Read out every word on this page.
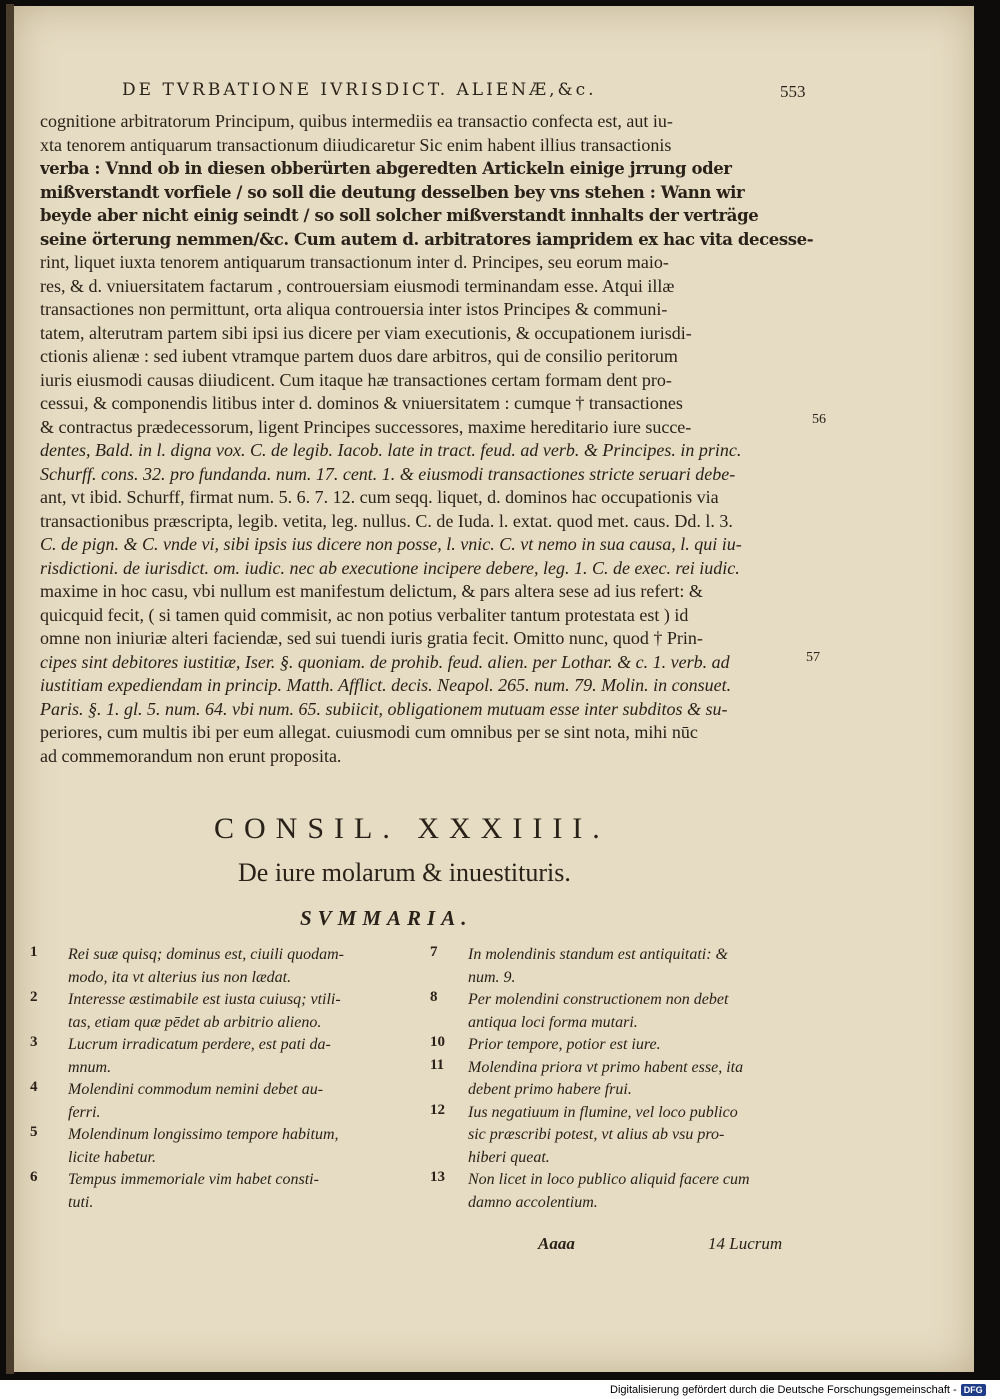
DE TVRBATIONE IVRISDICT. ALIENÆ,&c.	553
cognitione arbitratorum Principum, quibus intermediis ea transactio confecta est, aut iu-
xta tenorem antiquarum transactionum diiudicaretur Sic enim habent illius transactionis
verba : Vnnd ob in diesen obberürten abgeredten Artickeln einige jrrung oder
mißverstandt vorfiele / so soll die deutung desselben bey vns stehen : Wann wir
beyde aber nicht einig seindt / so soll solcher mißverstandt innhalts der verträge
seine örterung nemmen/&c. Cum autem d. arbitratores iampridem ex hac vita decesse-
rint, liquet iuxta tenorem antiquarum transactionum inter d. Principes, seu eorum maio-
res, & d. vniuersitatem factarum , controuersiam eiusmodi terminandam esse. Atqui illæ
transactiones non permittunt, orta aliqua controuersia inter istos Principes & communi-
tatem, alterutram partem sibi ipsi ius dicere per viam executionis, & occupationem iurisdi-
ctionis alienæ : sed iubent vtramque partem duos dare arbitros, qui de consilio peritorum
iuris eiusmodi causas diiudicent. Cum itaque hæ transactiones certam formam dent pro-
cessui, & componendis litibus inter d. dominos & vniuersitatem : cumque † transactiones
& contractus prædecessorum, ligent Principes successores, maxime hereditario iure succe-
dentes, Bald. in l. digna vox. C. de legib. Iacob. late in tract. feud. ad verb. & Principes. in princ.
Schurff. cons. 32. pro fundanda. num. 17. cent. 1. & eiusmodi transactiones stricte seruari debe-
ant, vt ibid. Schurff, firmat num. 5. 6. 7. 12. cum seqq. liquet, d. dominos hac occupationis via
transactionibus præscripta, legib. vetita, leg. nullus. C. de Iuda. l. extat. quod met. caus. Dd. l. 3.
C. de pign. & C. vnde vi, sibi ipsis ius dicere non posse, l. vnic. C. vt nemo in sua causa, l. qui iu-
risdictioni. de iurisdict. om. iudic. nec ab executione incipere debere, leg. 1. C. de exec. rei iudic.
maxime in hoc casu, vbi nullum est manifestum delictum, & pars altera sese ad ius refert: &
quicquid fecit, ( si tamen quid commisit, ac non potius verbaliter tantum protestata est ) id
omne non iniuriæ alteri faciendæ, sed sui tuendi iuris gratia fecit. Omitto nunc, quod † Prin-
cipes sint debitores iustitiæ, Iser. §. quoniam. de prohib. feud. alien. per Lothar. & c. 1. verb. ad
iustitiam expediendam in princip. Matth. Afflict. decis. Neapol. 265. num. 79. Molin. in consuet.
Paris. §. 1. gl. 5. num. 64. vbi num. 65. subiicit, obligationem mutuam esse inter subditos & su-
periores, cum multis ibi per eum allegat. cuiusmodi cum omnibus per se sint nota, mihi nūc
ad commemorandum non erunt proposita.
56
57
CONSIL. XXXIIII.
De iure molarum & inuestituris.
SVMMARIA.
1	Rei suæ quisq; dominus est, ciuili quodam-
modo, ita vt alterius ius non lædat.
2	Interesse æstimabile est iusta cuiusq; vtili-
tas, etiam quæ pēdet ab arbitrio alieno.
3	Lucrum irradicatum perdere, est pati da-
mnum.
4	Molendini commodum nemini debet au-
ferri.
5	Molendinum longissimo tempore habitum,
licite habetur.
6	Tempus immemoriale vim habet consti-
tuti.
7	In molendinis standum est antiquitati: &
num. 9.
8	Per molendini constructionem non debet
antiqua loci forma mutari.
10	Prior tempore, potior est iure.
11	Molendina priora vt primo habent esse, ita
debent primo habere frui.
12	Ius negatiuum in flumine, vel loco publico
sic præscribi potest, vt alius ab vsu pro-
hiberi queat.
13	Non licet in loco publico aliquid facere cum
damno accolentium.
Aaaa	14 Lucrum
Digitalisierung gefördert durch die Deutsche Forschungsgemeinschaft - DFG
